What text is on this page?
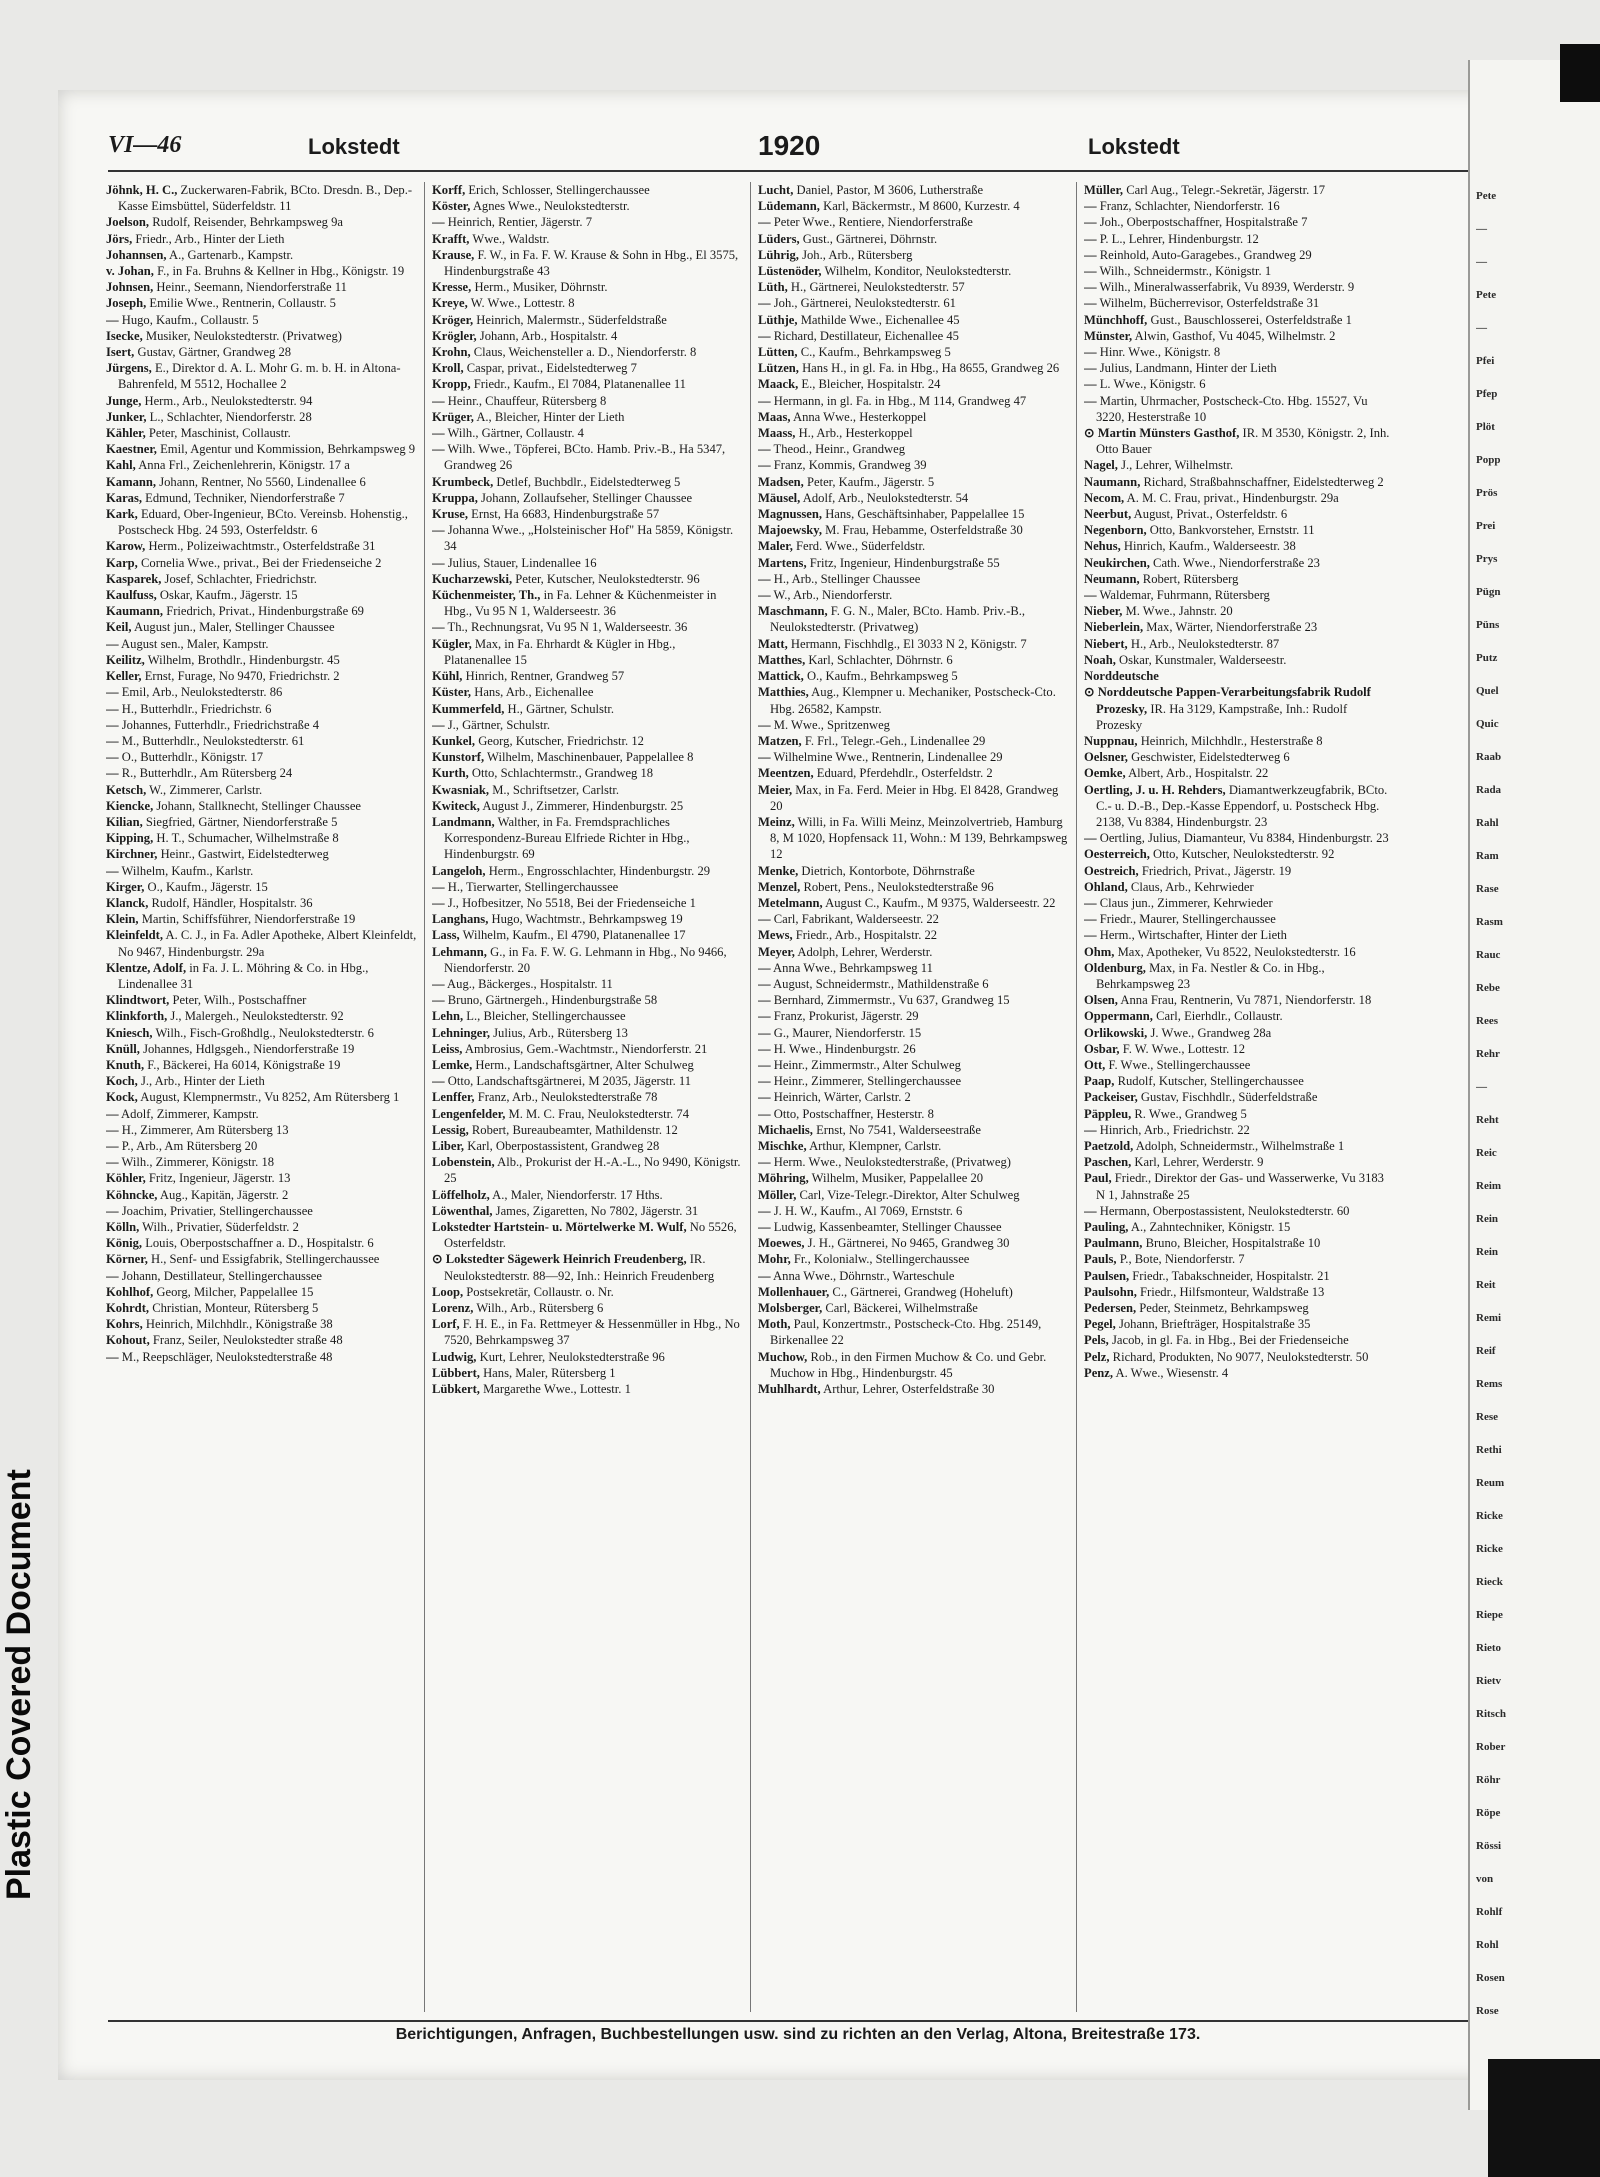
VI—46	Lokstedt	1920	Lokstedt

Jöhnk, H. C., Zuckerwaren-Fabrik, BCto. Dresdn. B., Dep.-Kasse Eimsbüttel, Süderfeldstr. 11

Joelson, Rudolf, Reisender, Behrkampsweg 9a

Jörs, Friedr., Arb., Hinter der Lieth

Johannsen, A., Gartenarb., Kampstr.

v. Johan, F., in Fa. Bruhns & Kellner in Hbg., Königstr. 19

Johnsen, Heinr., Seemann, Niendorferstraße 11

Joseph, Emilie Wwe., Rentnerin, Collaustr. 5

— Hugo, Kaufm., Collaustr. 5

Isecke, Musiker, Neulokstedterstr. (Privatweg)

Isert, Gustav, Gärtner, Grandweg 28

Jürgens, E., Direktor d. A. L. Mohr G. m. b. H. in Altona-Bahrenfeld, M 5512, Hochallee 2

Junge, Herm., Arb., Neulokstedterstr. 94

Junker, L., Schlachter, Niendorferstr. 28

Kähler, Peter, Maschinist, Collaustr.

Kaestner, Emil, Agentur und Kommission, Behrkampsweg 9

Kahl, Anna Frl., Zeichenlehrerin, Königstr. 17 a

Kamann, Johann, Rentner, No 5560, Lindenallee 6

Karas, Edmund, Techniker, Niendorferstraße 7

Kark, Eduard, Ober-Ingenieur, BCto. Vereinsb. Hohenstig., Postscheck Hbg. 24 593, Osterfeldstr. 6

Karow, Herm., Polizeiwachtmstr., Osterfeldstraße 31

Karp, Cornelia Wwe., privat., Bei der Friedenseiche 2

Kasparek, Josef, Schlachter, Friedrichstr.

Kaulfuss, Oskar, Kaufm., Jägerstr. 15

Kaumann, Friedrich, Privat., Hindenburgstraße 69

Keil, August jun., Maler, Stellinger Chaussee

— August sen., Maler, Kampstr.

Keilitz, Wilhelm, Brothdlr., Hindenburgstr. 45

Keller, Ernst, Furage, No 9470, Friedrichstr. 2

— Emil, Arb., Neulokstedterstr. 86

— H., Butterhdlr., Friedrichstr. 6

— Johannes, Futterhdlr., Friedrichstraße 4

— M., Butterhdlr., Neulokstedterstr. 61

— O., Butterhdlr., Königstr. 17

— R., Butterhdlr., Am Rütersberg 24

Ketsch, W., Zimmerer, Carlstr.

Kiencke, Johann, Stallknecht, Stellinger Chaussee

Kilian, Siegfried, Gärtner, Niendorferstraße 5

Kipping, H. T., Schumacher, Wilhelmstraße 8

Kirchner, Heinr., Gastwirt, Eidelstedterweg

— Wilhelm, Kaufm., Karlstr.

Kirger, O., Kaufm., Jägerstr. 15

Klanck, Rudolf, Händler, Hospitalstr. 36

Klein, Martin, Schiffsführer, Niendorferstraße 19

Kleinfeldt, A. C. J., in Fa. Adler Apotheke, Albert Kleinfeldt, No 9467, Hindenburgstr. 29a

Klentze, Adolf, in Fa. J. L. Möhring & Co. in Hbg., Lindenallee 31

Klindtwort, Peter, Wilh., Postschaffner

Klinkforth, J., Malergeh., Neulokstedterstr. 92

Kniesch, Wilh., Fisch-Großhdlg., Neulokstedterstr. 6

Knüll, Johannes, Hdlgsgeh., Niendorferstraße 19

Knuth, F., Bäckerei, Ha 6014, Königstraße 19

Koch, J., Arb., Hinter der Lieth

Kock, August, Klempnermstr., Vu 8252, Am Rütersberg 1

— Adolf, Zimmerer, Kampstr.

— H., Zimmerer, Am Rütersberg 13

— P., Arb., Am Rütersberg 20

— Wilh., Zimmerer, Königstr. 18

Köhler, Fritz, Ingenieur, Jägerstr. 13

Köhncke, Aug., Kapitän, Jägerstr. 2

— Joachim, Privatier, Stellingerchaussee

Kölln, Wilh., Privatier, Süderfeldstr. 2

König, Louis, Oberpostschaffner a. D., Hospitalstr. 6

Körner, H., Senf- und Essigfabrik, Stellingerchaussee

— Johann, Destillateur, Stellingerchaussee

Kohlhof, Georg, Milcher, Pappelallee 15

Kohrdt, Christian, Monteur, Rütersberg 5

Kohrs, Heinrich, Milchhdlr., Königstraße 38

Kohout, Franz, Seiler, Neulokstedter straße 48

— M., Reepschläger, Neulokstedterstraße 48

Korff, Erich, Schlosser, Stellingerchaussee

Köster, Agnes Wwe., Neulokstedterstr.

— Heinrich, Rentier, Jägerstr. 7

Krafft, Wwe., Waldstr.

Krause, F. W., in Fa. F. W. Krause & Sohn in Hbg., El 3575, Hindenburgstraße 43

Kresse, Herm., Musiker, Döhrnstr.

Kreye, W. Wwe., Lottestr. 8

Kröger, Heinrich, Malermstr., Süderfeldstraße

Krögler, Johann, Arb., Hospitalstr. 4

Krohn, Claus, Weichensteller a. D., Niendorferstr. 8

Kroll, Caspar, privat., Eidelstedterweg 7

Kropp, Friedr., Kaufm., El 7084, Platanenallee 11

— Heinr., Chauffeur, Rütersberg 8

Krüger, A., Bleicher, Hinter der Lieth

— Wilh., Gärtner, Collaustr. 4

— Wilh. Wwe., Töpferei, BCto. Hamb. Priv.-B., Ha 5347, Grandweg 26

Krumbeck, Detlef, Buchbdlr., Eidelstedterweg 5

Kruppa, Johann, Zollaufseher, Stellinger Chaussee

Kruse, Ernst, Ha 6683, Hindenburgstraße 57

— Johanna Wwe., „Holsteinischer Hof" Ha 5859, Königstr. 34

— Julius, Stauer, Lindenallee 16

Kucharzewski, Peter, Kutscher, Neulokstedterstr. 96

Küchenmeister, Th., in Fa. Lehner & Küchenmeister in Hbg., Vu 95 N 1, Walderseestr. 36

— Th., Rechnungsrat, Vu 95 N 1, Walderseestr. 36

Kügler, Max, in Fa. Ehrhardt & Kügler in Hbg., Platanenallee 15

Kühl, Hinrich, Rentner, Grandweg 57

Küster, Hans, Arb., Eichenallee

Kummerfeld, H., Gärtner, Schulstr.

— J., Gärtner, Schulstr.

Kunkel, Georg, Kutscher, Friedrichstr. 12

Kunstorf, Wilhelm, Maschinenbauer, Pappelallee 8

Kurth, Otto, Schlachtermstr., Grandweg 18

Kwasniak, M., Schriftsetzer, Carlstr.

Kwiteck, August J., Zimmerer, Hindenburgstr. 25

Landmann, Walther, in Fa. Fremdsprachliches Korrespondenz-Bureau Elfriede Richter in Hbg., Hindenburgstr. 69

Langeloh, Herm., Engrosschlachter, Hindenburgstr. 29

— H., Tierwarter, Stellingerchaussee

— J., Hofbesitzer, No 5518, Bei der Friedenseiche 1

Langhans, Hugo, Wachtmstr., Behrkampsweg 19

Lass, Wilhelm, Kaufm., El 4790, Platanenallee 17

Lehmann, G., in Fa. F. W. G. Lehmann in Hbg., No 9466, Niendorferstr. 20

— Aug., Bäckerges., Hospitalstr. 11

— Bruno, Gärtnergeh., Hindenburgstraße 58

Lehn, L., Bleicher, Stellingerchaussee

Lehninger, Julius, Arb., Rütersberg 13

Leiss, Ambrosius, Gem.-Wachtmstr., Niendorferstr. 21

Lemke, Herm., Landschaftsgärtner, Alter Schulweg

— Otto, Landschaftsgärtnerei, M 2035, Jägerstr. 11

Lenffer, Franz, Arb., Neulokstedterstraße 78

Lengenfelder, M. M. C. Frau, Neulokstedterstr. 74

Lessig, Robert, Bureaubeamter, Mathildenstr. 12

Liber, Karl, Oberpostassistent, Grandweg 28

Lobenstein, Alb., Prokurist der H.-A.-L., No 9490, Königstr. 25

Löffelholz, A., Maler, Niendorferstr. 17 Hths.

Löwenthal, James, Zigaretten, No 7802, Jägerstr. 31

Lokstedter Hartstein- u. Mörtelwerke M. Wulf, No 5526, Osterfeldstr.

⊙ Lokstedter Sägewerk Heinrich Freudenberg, IR. Neulokstedterstr. 88—92, Inh.: Heinrich Freudenberg

Loop, Postsekretär, Collaustr. o. Nr.

Lorenz, Wilh., Arb., Rütersberg 6

Lorf, F. H. E., in Fa. Rettmeyer & Hessenmüller in Hbg., No 7520, Behrkampsweg 37

Ludwig, Kurt, Lehrer, Neulokstedterstraße 96

Lübbert, Hans, Maler, Rütersberg 1

Lübkert, Margarethe Wwe., Lottestr. 1

Lucht, Daniel, Pastor, M 3606, Lutherstraße

Lüdemann, Karl, Bäckermstr., M 8600, Kurzestr. 4

— Peter Wwe., Rentiere, Niendorferstraße

Lüders, Gust., Gärtnerei, Döhrnstr.

Lührig, Joh., Arb., Rütersberg

Lüstenöder, Wilhelm, Konditor, Neulokstedterstr.

Lüth, H., Gärtnerei, Neulokstedterstr. 57

— Joh., Gärtnerei, Neulokstedterstr. 61

Lüthje, Mathilde Wwe., Eichenallee 45

— Richard, Destillateur, Eichenallee 45

Lütten, C., Kaufm., Behrkampsweg 5

Lützen, Hans H., in gl. Fa. in Hbg., Ha 8655, Grandweg 26

Maack, E., Bleicher, Hospitalstr. 24

— Hermann, in gl. Fa. in Hbg., M 114, Grandweg 47

Maas, Anna Wwe., Hesterkoppel

Maass, H., Arb., Hesterkoppel

— Theod., Heinr., Grandweg

— Franz, Kommis, Grandweg 39

Madsen, Peter, Kaufm., Jägerstr. 5

Mäusel, Adolf, Arb., Neulokstedterstr. 54

Magnussen, Hans, Geschäftsinhaber, Pappelallee 15

Majoewsky, M. Frau, Hebamme, Osterfeldstraße 30

Maler, Ferd. Wwe., Süderfeldstr.

Martens, Fritz, Ingenieur, Hindenburgstraße 55

— H., Arb., Stellinger Chaussee

— W., Arb., Niendorferstr.

Maschmann, F. G. N., Maler, BCto. Hamb. Priv.-B., Neulokstedterstr. (Privatweg)

Matt, Hermann, Fischhdlg., El 3033 N 2, Königstr. 7

Matthes, Karl, Schlachter, Döhrnstr. 6

Mattick, O., Kaufm., Behrkampsweg 5

Matthies, Aug., Klempner u. Mechaniker, Postscheck-Cto. Hbg. 26582, Kampstr.

— M. Wwe., Spritzenweg

Matzen, F. Frl., Telegr.-Geh., Lindenallee 29

— Wilhelmine Wwe., Rentnerin, Lindenallee 29

Meentzen, Eduard, Pferdehdlr., Osterfeldstr. 2

Meier, Max, in Fa. Ferd. Meier in Hbg. El 8428, Grandweg 20

Meinz, Willi, in Fa. Willi Meinz, Meinzolvertrieb, Hamburg 8, M 1020, Hopfensack 11, Wohn.: M 139, Behrkampsweg 12

Menke, Dietrich, Kontorbote, Döhrnstraße

Menzel, Robert, Pens., Neulokstedterstraße 96

Metelmann, August C., Kaufm., M 9375, Walderseestr. 22

— Carl, Fabrikant, Walderseestr. 22

Mews, Friedr., Arb., Hospitalstr. 22

Meyer, Adolph, Lehrer, Werderstr.

— Anna Wwe., Behrkampsweg 11

— August, Schneidermstr., Mathildenstraße 6

— Bernhard, Zimmermstr., Vu 637, Grandweg 15

— Franz, Prokurist, Jägerstr. 29

— G., Maurer, Niendorferstr. 15

— H. Wwe., Hindenburgstr. 26

— Heinr., Zimmermstr., Alter Schulweg

— Heinr., Zimmerer, Stellingerchaussee

— Heinrich, Wärter, Carlstr. 2

— Otto, Postschaffner, Hesterstr. 8

Michaelis, Ernst, No 7541, Walderseestraße

Mischke, Arthur, Klempner, Carlstr.

— Herm. Wwe., Neulokstedterstraße, (Privatweg)

Möhring, Wilhelm, Musiker, Pappelallee 20

Möller, Carl, Vize-Telegr.-Direktor, Alter Schulweg

— J. H. W., Kaufm., Al 7069, Ernststr. 6

— Ludwig, Kassenbeamter, Stellinger Chaussee

Moewes, J. H., Gärtnerei, No 9465, Grandweg 30

Mohr, Fr., Kolonialw., Stellingerchaussee

— Anna Wwe., Döhrnstr., Warteschule

Mollenhauer, C., Gärtnerei, Grandweg (Hoheluft)

Molsberger, Carl, Bäckerei, Wilhelmstraße

Moth, Paul, Konzertmstr., Postscheck-Cto. Hbg. 25149, Birkenallee 22

Muchow, Rob., in den Firmen Muchow & Co. und Gebr. Muchow in Hbg., Hindenburgstr. 45

Muhlhardt, Arthur, Lehrer, Osterfeldstraße 30

Müller, Carl Aug., Telegr.-Sekretär, Jägerstr. 17

— Franz, Schlachter, Niendorferstr. 16

— Joh., Oberpostschaffner, Hospitalstraße 7

— P. L., Lehrer, Hindenburgstr. 12

— Reinhold, Auto-Garagebes., Grandweg 29

— Wilh., Schneidermstr., Königstr. 1

— Wilh., Mineralwasserfabrik, Vu 8939, Werderstr. 9

— Wilhelm, Bücherrevisor, Osterfeldstraße 31

Münchhoff, Gust., Bauschlosserei, Osterfeldstraße 1

Münster, Alwin, Gasthof, Vu 4045, Wilhelmstr. 2

— Hinr. Wwe., Königstr. 8

— Julius, Landmann, Hinter der Lieth

— L. Wwe., Königstr. 6

— Martin, Uhrmacher, Postscheck-Cto. Hbg. 15527, Vu 3220, Hesterstraße 10

⊙ Martin Münsters Gasthof, IR. M 3530, Königstr. 2, Inh. Otto Bauer

Nagel, J., Lehrer, Wilhelmstr.

Naumann, Richard, Straßbahnschaffner, Eidelstedterweg 2

Necom, A. M. C. Frau, privat., Hindenburgstr. 29a

Neerbut, August, Privat., Osterfeldstr. 6

Negenborn, Otto, Bankvorsteher, Ernststr. 11

Nehus, Hinrich, Kaufm., Walderseestr. 38

Neukirchen, Cath. Wwe., Niendorferstraße 23

Neumann, Robert, Rütersberg

— Waldemar, Fuhrmann, Rütersberg

Nieber, M. Wwe., Jahnstr. 20

Nieberlein, Max, Wärter, Niendorferstraße 23

Niebert, H., Arb., Neulokstedterstr. 87

Noah, Oskar, Kunstmaler, Walderseestr.

Norddeutsche

⊙ Norddeutsche Pappen-Verarbeitungsfabrik Rudolf Prozesky, IR. Ha 3129, Kampstraße, Inh.: Rudolf Prozesky

Nuppnau, Heinrich, Milchhdlr., Hesterstraße 8

Oelsner, Geschwister, Eidelstedterweg 6

Oemke, Albert, Arb., Hospitalstr. 22

Oertling, J. u. H. Rehders, Diamantwerkzeugfabrik, BCto. C.- u. D.-B., Dep.-Kasse Eppendorf, u. Postscheck Hbg. 2138, Vu 8384, Hindenburgstr. 23

— Oertling, Julius, Diamanteur, Vu 8384, Hindenburgstr. 23

Oesterreich, Otto, Kutscher, Neulokstedterstr. 92

Oestreich, Friedrich, Privat., Jägerstr. 19

Ohland, Claus, Arb., Kehrwieder

— Claus jun., Zimmerer, Kehrwieder

— Friedr., Maurer, Stellingerchaussee

— Herm., Wirtschafter, Hinter der Lieth

Ohm, Max, Apotheker, Vu 8522, Neulokstedterstr. 16

Oldenburg, Max, in Fa. Nestler & Co. in Hbg., Behrkampsweg 23

Olsen, Anna Frau, Rentnerin, Vu 7871, Niendorferstr. 18

Oppermann, Carl, Eierhdlr., Collaustr.

Orlikowski, J. Wwe., Grandweg 28a

Osbar, F. W. Wwe., Lottestr. 12

Ott, F. Wwe., Stellingerchaussee

Paap, Rudolf, Kutscher, Stellingerchaussee

Packeiser, Gustav, Fischhdlr., Süderfeldstraße

Päppleu, R. Wwe., Grandweg 5

— Hinrich, Arb., Friedrichstr. 22

Paetzold, Adolph, Schneidermstr., Wilhelmstraße 1

Paschen, Karl, Lehrer, Werderstr. 9

Paul, Friedr., Direktor der Gas- und Wasserwerke, Vu 3183 N 1, Jahnstraße 25

— Hermann, Oberpostassistent, Neulokstedterstr. 60

Pauling, A., Zahntechniker, Königstr. 15

Paulmann, Bruno, Bleicher, Hospitalstraße 10

Pauls, P., Bote, Niendorferstr. 7

Paulsen, Friedr., Tabakschneider, Hospitalstr. 21

Paulsohn, Friedr., Hilfsmonteur, Waldstraße 13

Pedersen, Peder, Steinmetz, Behrkampsweg

Pegel, Johann, Briefträger, Hospitalstraße 35

Pels, Jacob, in gl. Fa. in Hbg., Bei der Friedenseiche

Pelz, Richard, Produkten, No 9077, Neulokstedterstr. 50

Penz, A. Wwe., Wiesenstr. 4

Berichtigungen, Anfragen, Buchbestellungen usw. sind zu richten an den Verlag, Altona, Breitestraße 173.
Pete
—
—
Pete
—
Pfei
Pfep
Plöt
Popp
Prös
Prei
Prys
Pügn
Püns
Putz
Quel
Quic
Raab
Rada
Rahl
Ram
Rase
Rasm
Rauc
Rebe
Rees
Rehr
—
Reht
Reic
Reim
Rein
Rein
Reit
Remi
Reif
Rems
Rese
Rethi
Reum
Ricke
Ricke
Rieck
Riepe
Rieto
Rietv
Ritsch
Rober
Röhr
Röpe
Rössi
von
Rohlf
Rohl
Rosen
Rose
Plastic Covered Document
